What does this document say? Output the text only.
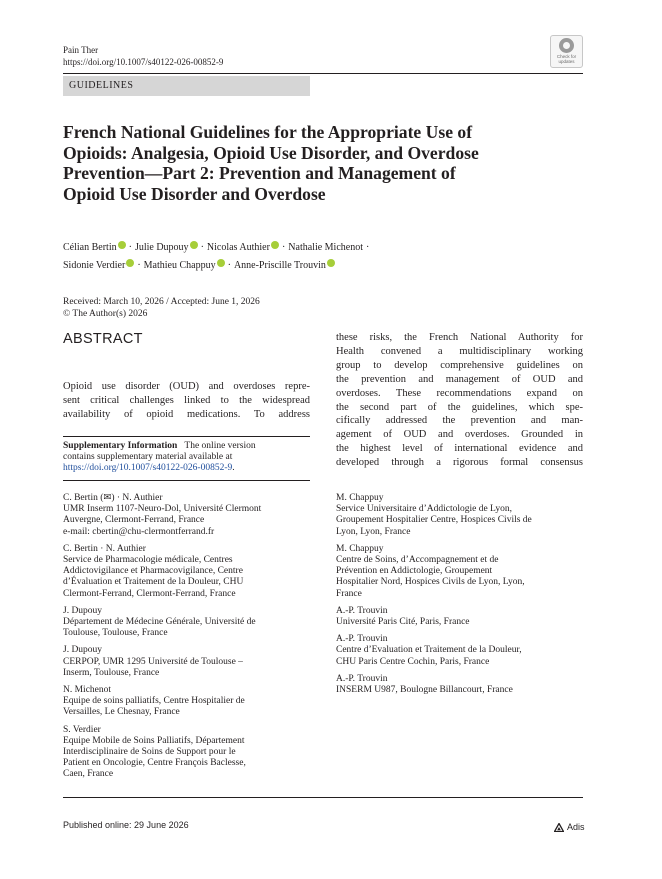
Pain Ther
https://doi.org/10.1007/s40122-026-00852-9
Check for
updates
GUIDELINES
French National Guidelines for the Appropriate Use of Opioids: Analgesia, Opioid Use Disorder, and Overdose Prevention—Part 2: Prevention and Management of Opioid Use Disorder and Overdose
Célian Bertin · Julie Dupouy · Nicolas Authier · Nathalie Michenot ·
Sidonie Verdier · Mathieu Chappuy · Anne-Priscille Trouvin
Received: March 10, 2026 / Accepted: June 1, 2026
© The Author(s) 2026
ABSTRACT
Opioid use disorder (OUD) and overdoses repre-
sent critical challenges linked to the widespread
availability of opioid medications. To address
these risks, the French National Authority for
Health convened a multidisciplinary working
group to develop comprehensive guidelines on
the prevention and management of OUD and
overdoses. These recommendations expand on
the second part of the guidelines, which spe-
cifically addressed the prevention and man-
agement of OUD and overdoses. Grounded in
the highest level of international evidence and
developed through a rigorous formal consensus
Supplementary Information The online version
contains supplementary material available at
https://doi.org/10.1007/s40122-026-00852-9.
C. Bertin (✉) · N. Authier
UMR Inserm 1107-Neuro-Dol, Université Clermont
Auvergne, Clermont-Ferrand, France
e-mail: cbertin@chu-clermontferrand.fr
C. Bertin · N. Authier
Service de Pharmacologie médicale, Centres
Addictovigilance et Pharmacovigilance, Centre
d’Évaluation et Traitement de la Douleur, CHU
Clermont-Ferrand, Clermont-Ferrand, France
J. Dupouy
Département de Médecine Générale, Université de
Toulouse, Toulouse, France
J. Dupouy
CERPOP, UMR 1295 Université de Toulouse –
Inserm, Toulouse, France
N. Michenot
Equipe de soins palliatifs, Centre Hospitalier de
Versailles, Le Chesnay, France
S. Verdier
Equipe Mobile de Soins Palliatifs, Département
Interdisciplinaire de Soins de Support pour le
Patient en Oncologie, Centre François Baclesse,
Caen, France
M. Chappuy
Service Universitaire d’Addictologie de Lyon,
Groupement Hospitalier Centre, Hospices Civils de
Lyon, Lyon, France
M. Chappuy
Centre de Soins, d’Accompagnement et de
Prévention en Addictologie, Groupement
Hospitalier Nord, Hospices Civils de Lyon, Lyon,
France
A.-P. Trouvin
Université Paris Cité, Paris, France
A.-P. Trouvin
Centre d’Evaluation et Traitement de la Douleur,
CHU Paris Centre Cochin, Paris, France
A.-P. Trouvin
INSERM U987, Boulogne Billancourt, France
Published online: 29 June 2026	Adis
